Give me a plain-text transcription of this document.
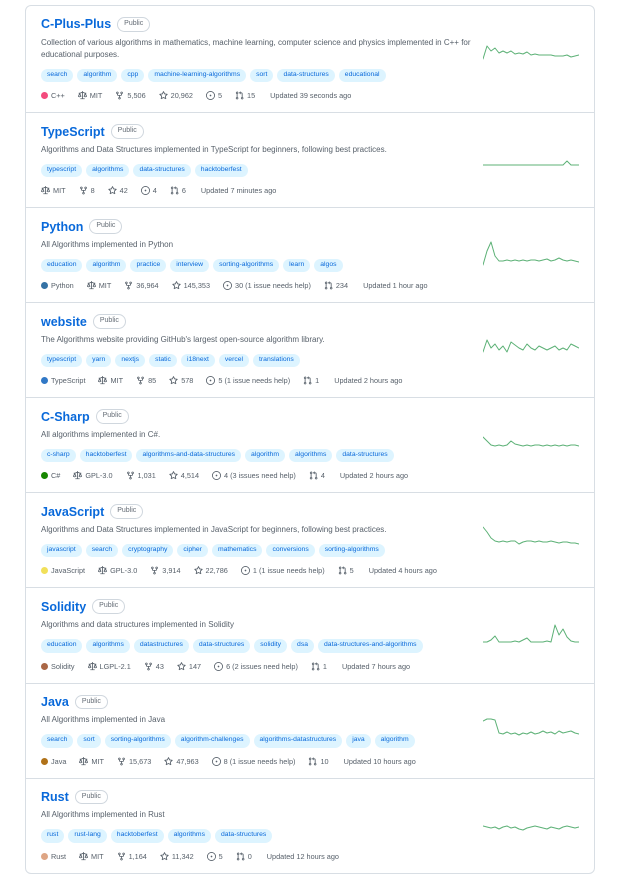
C-Plus-Plus	Public
Collection of various algorithms in mathematics, machine learning, computer science and physics implemented in C++ for educational purposes.
search	algorithm	cpp	machine-learning-algorithms	sort	data-structures	educational
C++	MIT	5,506	20,962	5	15 Updated 39 seconds ago
TypeScript	Public
Algorithms and Data Structures implemented in TypeScript for beginners, following best practices.
typescript	algorithms	data-structures	hacktoberfest
MIT	8	42	4	6 Updated 7 minutes ago
Python	Public
All Algorithms implemented in Python
education	algorithm	practice	interview	sorting-algorithms	learn	algos
Python	MIT	36,964	145,353	30 (1 issue needs help)	234 Updated 1 hour ago
website	Public
The Algorithms website providing GitHub's largest open-source algorithm library.
typescript	yarn	nextjs	static	i18next	vercel	translations
TypeScript	MIT	85	578	5 (1 issue needs help)	1 Updated 2 hours ago
C-Sharp	Public
All algorithms implemented in C#.
c-sharp	hacktoberfest	algorithms-and-data-structures	algorithm	algorithms	data-structures
C#	GPL-3.0	1,031	4,514	4 (3 issues need help)	4 Updated 2 hours ago
JavaScript	Public
Algorithms and Data Structures implemented in JavaScript for beginners, following best practices.
javascript	search	cryptography	cipher	mathematics	conversions	sorting-algorithms
JavaScript	GPL-3.0	3,914	22,786	1 (1 issue needs help)	5 Updated 4 hours ago
Solidity	Public
Algorithms and data structures implemented in Solidity
education	algorithms	datastructures	data-structures	solidity	dsa	data-structures-and-algorithms
Solidity	LGPL-2.1	43	147	6 (2 issues need help)	1 Updated 7 hours ago
Java	Public
All Algorithms implemented in Java
search	sort	sorting-algorithms	algorithm-challenges	algorithms-datastructures	java	algorithm
Java	MIT	15,673	47,963	8 (1 issue needs help)	10 Updated 10 hours ago
Rust	Public
All Algorithms implemented in Rust
rust	rust-lang	hacktoberfest	algorithms	data-structures
Rust	MIT	1,164	11,342	5	0 Updated 12 hours ago
